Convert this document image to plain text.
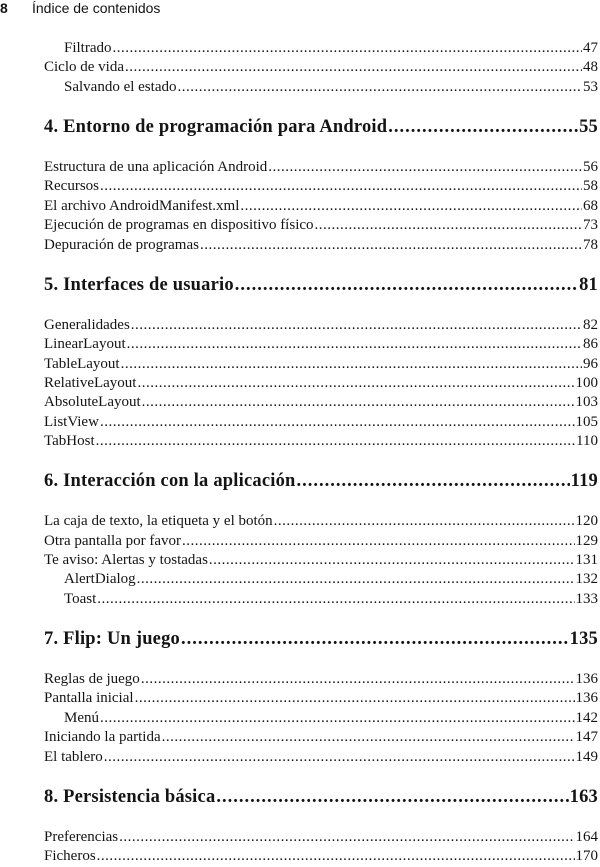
8 Índice de contenidos
Filtrado .....	47
Ciclo de vida .....	48
Salvando el estado .....	53
4. Entorno de programación para Android .....	55
Estructura de una aplicación Android .....	56
Recursos .....	58
El archivo AndroidManifest.xml .....	68
Ejecución de programas en dispositivo físico .....	73
Depuración de programas .....	78
5. Interfaces de usuario .....	81
Generalidades .....	82
LinearLayout .....	86
TableLayout .....	96
RelativeLayout .....	100
AbsoluteLayout .....	103
ListView .....	105
TabHost .....	110
6. Interacción con la aplicación .....	119
La caja de texto, la etiqueta y el botón .....	120
Otra pantalla por favor .....	129
Te aviso: Alertas y tostadas .....	131
AlertDialog .....	132
Toast .....	133
7. Flip: Un juego .....	135
Reglas de juego .....	136
Pantalla inicial .....	136
Menú .....	142
Iniciando la partida .....	147
El tablero .....	149
8. Persistencia básica .....	163
Preferencias .....	164
Ficheros .....	170
